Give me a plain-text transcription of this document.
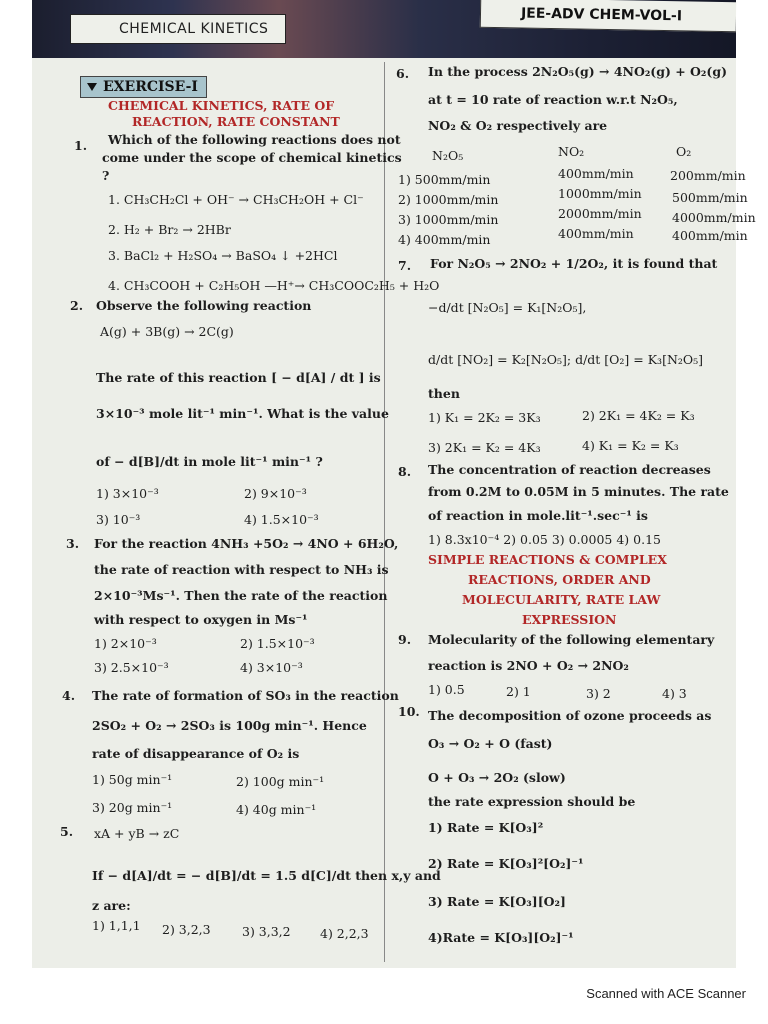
CHEMICAL KINETICS
JEE-ADV CHEM-VOL-I
EXERCISE-I
CHEMICAL KINETICS, RATE OF
REACTION, RATE CONSTANT
1. Which of the following reactions does not
come under the scope of chemical kinetics
?
1. CH₃CH₂Cl + OH⁻ → CH₃CH₂OH + Cl⁻
2. H₂ + Br₂ → 2HBr
3. BaCl₂ + H₂SO₄ → BaSO₄ ↓ +2HCl
4. CH₃COOH + C₂H₅OH —H⁺→ CH₃COOC₂H₅ + H₂O
2. Observe the following reaction
A(g) + 3B(g) → 2C(g)
The rate of this reaction [ − d[A] / dt ] is
3×10⁻³ mole lit⁻¹ min⁻¹. What is the value
of − d[B]/dt in mole lit⁻¹ min⁻¹ ?
1) 3×10⁻³	2) 9×10⁻³
3) 10⁻³	4) 1.5×10⁻³
3. For the reaction 4NH₃ +5O₂ → 4NO + 6H₂O,
the rate of reaction with respect to NH₃ is
2×10⁻³Ms⁻¹. Then the rate of the reaction
with respect to oxygen in Ms⁻¹
1) 2×10⁻³	2) 1.5×10⁻³
3) 2.5×10⁻³	4) 3×10⁻³
4. The rate of formation of SO₃ in the reaction
2SO₂ + O₂ → 2SO₃ is 100g min⁻¹. Hence
rate of disappearance of O₂ is
1) 50g min⁻¹	2) 100g min⁻¹
3) 20g min⁻¹	4) 40g min⁻¹
5. xA + yB → zC
If − d[A]/dt = − d[B]/dt = 1.5 d[C]/dt then x,y and
z are:
1) 1,1,1 2) 3,2,3	3) 3,3,2 4) 2,2,3
SIMPLE REACTIONS & COMPLEX
REACTIONS, ORDER AND
MOLECULARITY, RATE LAW
EXPRESSION
6. In the process 2N₂O₅(g) → 4NO₂(g) + O₂(g)
at t = 10 rate of reaction w.r.t N₂O₅,
NO₂ & O₂ respectively are
N₂O₅	NO₂	O₂
1) 500mm/min	400mm/min	200mm/min
2) 1000mm/min	1000mm/min 500mm/min
3) 1000mm/min	2000mm/min 4000mm/min
4) 400mm/min	400mm/min	400mm/min
7. For N₂O₅ → 2NO₂ + 1/2O₂, it is found that
−d/dt [N₂O₅] = K₁[N₂O₅],
d/dt [NO₂] = K₂[N₂O₅]; d/dt [O₂] = K₃[N₂O₅]
then
1) K₁ = 2K₂ = 3K₃	2) 2K₁ = 4K₂ = K₃
3) 2K₁ = K₂ = 4K₃	4) K₁ = K₂ = K₃
8. The concentration of reaction decreases
from 0.2M to 0.05M in 5 minutes. The rate
of reaction in mole.lit⁻¹.sec⁻¹ is
1) 8.3x10⁻⁴ 2) 0.05 3) 0.0005 4) 0.15
9. Molecularity of the following elementary
reaction is 2NO + O₂ → 2NO₂
1) 0.5	2) 1	3) 2	4) 3
10. The decomposition of ozone proceeds as
O₃ → O₂ + O (fast)
O + O₃ → 2O₂ (slow)
the rate expression should be
1) Rate = K[O₃]²
2) Rate = K[O₃]²[O₂]⁻¹
3) Rate = K[O₃][O₂]
4)Rate = K[O₃][O₂]⁻¹
Scanned with ACE Scanner
